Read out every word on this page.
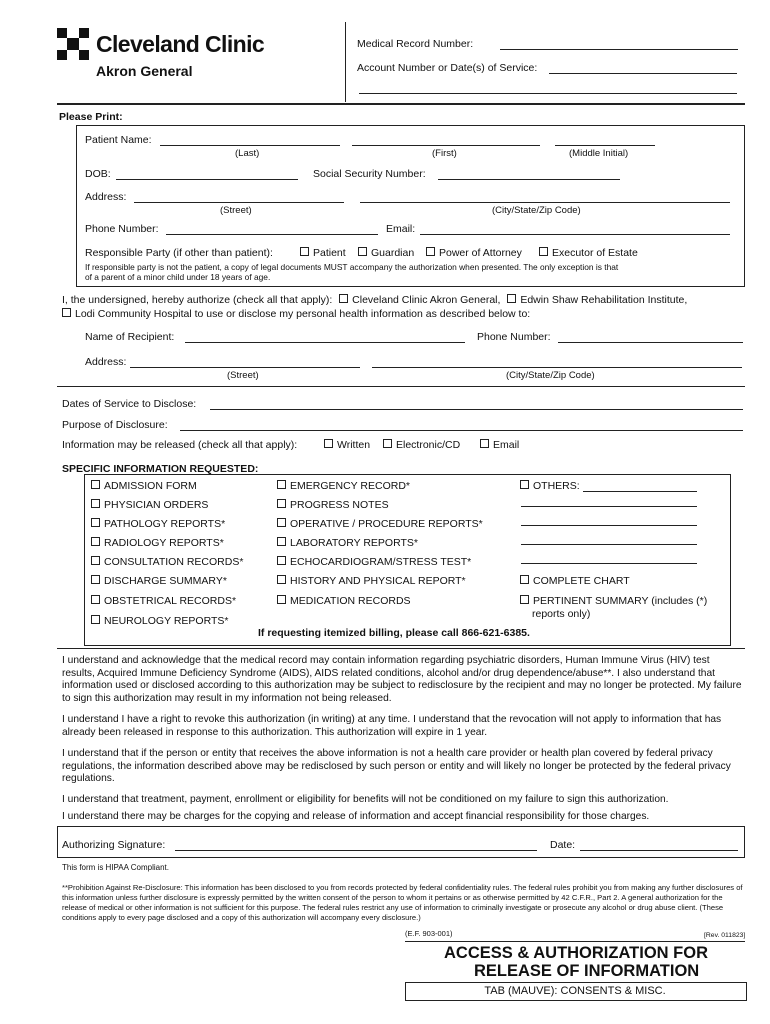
Cleveland Clinic
Akron General
Medical Record Number:
Account Number or Date(s) of Service:
Please Print:
Patient Name:
(Last)	(First)	(Middle Initial)
DOB:	Social Security Number:
Address:
(Street)	(City/State/Zip Code)
Phone Number:	Email:
Responsible Party (if other than patient):	Patient	Guardian	Power of Attorney	Executor of Estate
If responsible party is not the patient, a copy of legal documents MUST accompany the authorization when presented. The only exception is that
of a parent of a minor child under 18 years of age.
I, the undersigned, hereby authorize (check all that apply): Cleveland Clinic Akron General, Edwin Shaw Rehabilitation Institute,
Lodi Community Hospital to use or disclose my personal health information as described below to:
Name of Recipient:	Phone Number:
Address:
(Street)	(City/State/Zip Code)
Dates of Service to Disclose:
Purpose of Disclosure:
Information may be released (check all that apply):	Written	Electronic/CD	Email
SPECIFIC INFORMATION REQUESTED:
ADMISSION FORM
PHYSICIAN ORDERS
PATHOLOGY REPORTS*
RADIOLOGY REPORTS*
CONSULTATION RECORDS*
DISCHARGE SUMMARY*
OBSTETRICAL RECORDS*
NEUROLOGY REPORTS*
EMERGENCY RECORD*
PROGRESS NOTES
OPERATIVE / PROCEDURE REPORTS*
LABORATORY REPORTS*
ECHOCARDIOGRAM/STRESS TEST*
HISTORY AND PHYSICAL REPORT*
MEDICATION RECORDS
OTHERS:
COMPLETE CHART
PERTINENT SUMMARY (includes (*)
reports only)
If requesting itemized billing, please call 866-621-6385.
I understand and acknowledge that the medical record may contain information regarding psychiatric disorders, Human Immune Virus (HIV) test results, Acquired Immune Deficiency Syndrome (AIDS), AIDS related conditions, alcohol and/or drug dependence/abuse**. I also understand that information used or disclosed according to this authorization may be subject to redisclosure by the recipient and may no longer be protected. My failure to sign this authorization may result in my information not being released.
I understand I have a right to revoke this authorization (in writing) at any time. I understand that the revocation will not apply to information that has already been released in response to this authorization. This authorization will expire in 1 year.
I understand that if the person or entity that receives the above information is not a health care provider or health plan covered by federal privacy regulations, the information described above may be redisclosed by such person or entity and will likely no longer be protected by the federal privacy regulations.
I understand that treatment, payment, enrollment or eligibility for benefits will not be conditioned on my failure to sign this authorization.
I understand there may be charges for the copying and release of information and accept financial responsibility for those charges.
Authorizing Signature:	Date:
This form is HIPAA Compliant.
**Prohibition Against Re-Disclosure: This information has been disclosed to you from records protected by federal confidentiality rules. The federal rules prohibit you from making any further disclosures of this information unless further disclosure is expressly permitted by the written consent of the person to whom it pertains or as otherwise permitted by 42 C.F.R., Part 2. A general authorization for the release of medical or other information is not sufficient for this purpose. The federal rules restrict any use of information to criminally investigate or prosecute any alcohol or drug abuse client. (These conditions apply to every page disclosed and a copy of this authorization will accompany every disclosure.)
(E.F. 903-001)	[Rev. 011823]
ACCESS & AUTHORIZATION FOR
RELEASE OF INFORMATION
TAB (MAUVE): CONSENTS & MISC.
